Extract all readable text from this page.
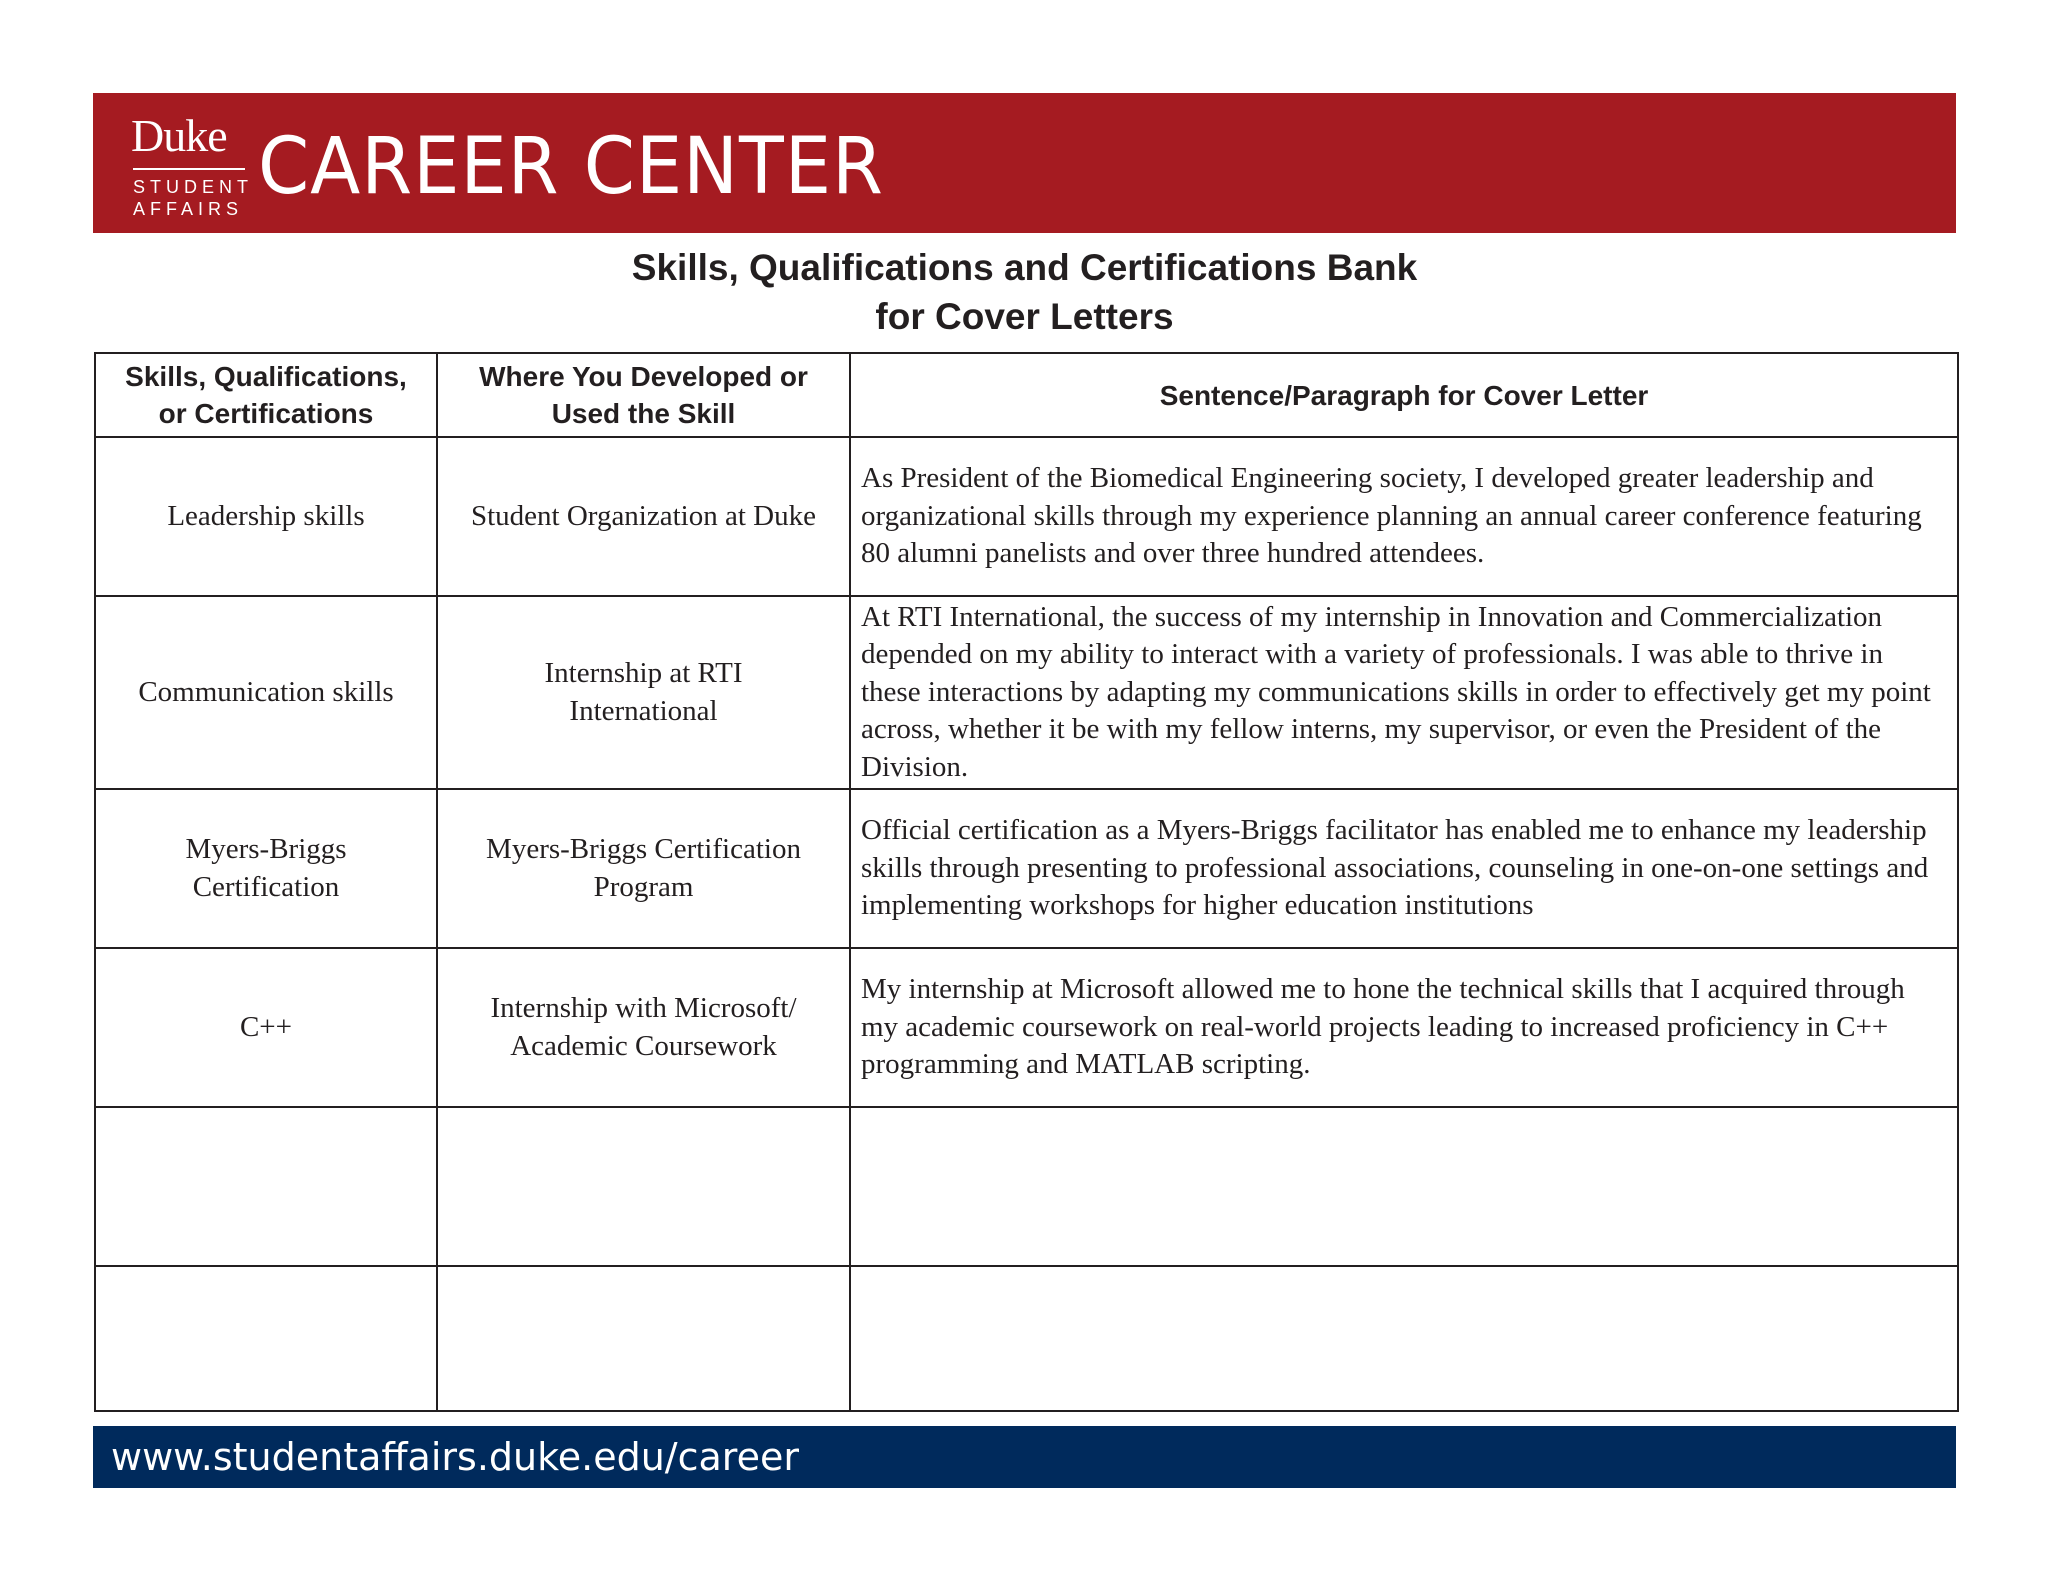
Duke
STUDENT
AFFAIRS CAREER CENTER
Skills, Qualifications and Certifications Bank
for Cover Letters
Skills, Qualifications, or Certifications	Where You Developed or Used the Skill	Sentence/Paragraph for Cover Letter
Leadership skills	Student Organization at Duke	As President of the Biomedical Engineering society, I developed greater leadership and organizational skills through my experience planning an annual career conference featuring 80 alumni panelists and over three hundred attendees.
Communication skills	Internship at RTI International	At RTI International, the success of my internship in Innovation and Commercialization depended on my ability to interact with a variety of professionals. I was able to thrive in these interactions by adapting my communications skills in order to effectively get my point across, whether it be with my fellow interns, my supervisor, or even the President of the Division.

Myers-Briggs Certification	Myers-Briggs Certification Program	Official certification as a Myers-Briggs facilitator has enabled me to enhance my leadership skills through presenting to professional associations, counseling in one-on-one settings and implementing workshops for higher education institutions
C++	Internship with Microsoft/ Academic Coursework	My internship at Microsoft allowed me to hone the technical skills that I acquired through my academic coursework on real-world projects leading to increased proficiency in C++ programming and MATLAB scripting.

www.studentaffairs.duke.edu/career
